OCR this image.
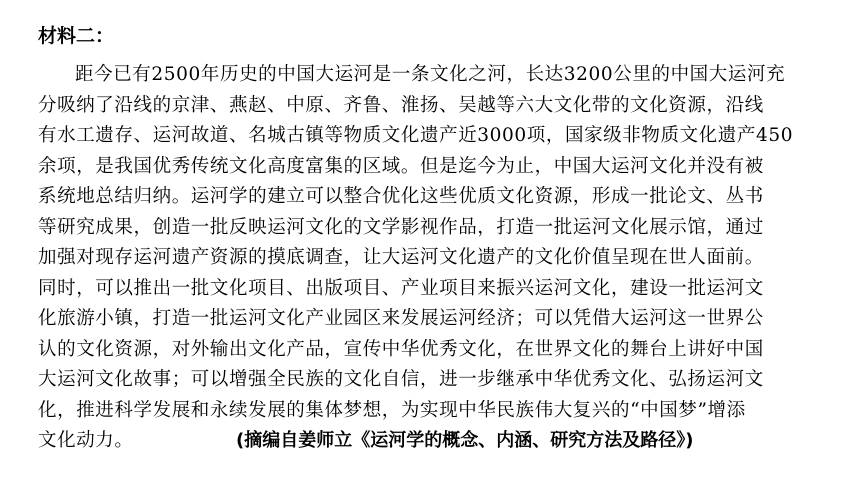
材料二：
距今已有2500年历史的中国大运河是一条文化之河，长达3200公里的中国大运河充
分吸纳了沿线的京津、燕赵、中原、齐鲁、淮扬、吴越等六大文化带的文化资源，沿线
有水工遗存、运河故道、名城古镇等物质文化遗产近3000项，国家级非物质文化遗产450
余项，是我国优秀传统文化高度富集的区域。但是迄今为止，中国大运河文化并没有被
系统地总结归纳。运河学的建立可以整合优化这些优质文化资源，形成一批论文、丛书
等研究成果，创造一批反映运河文化的文学影视作品，打造一批运河文化展示馆，通过
加强对现存运河遗产资源的摸底调查，让大运河文化遗产的文化价值呈现在世人面前。
同时，可以推出一批文化项目、出版项目、产业项目来振兴运河文化，建设一批运河文
化旅游小镇，打造一批运河文化产业园区来发展运河经济；可以凭借大运河这一世界公
认的文化资源，对外输出文化产品，宣传中华优秀文化，在世界文化的舞台上讲好中国
大运河文化故事；可以增强全民族的文化自信，进一步继承中华优秀文化、弘扬运河文
化，推进科学发展和永续发展的集体梦想，为实现中华民族伟大复兴的“中国梦”增添
文化动力。	(摘编自姜师立《运河学的概念、内涵、研究方法及路径》)
